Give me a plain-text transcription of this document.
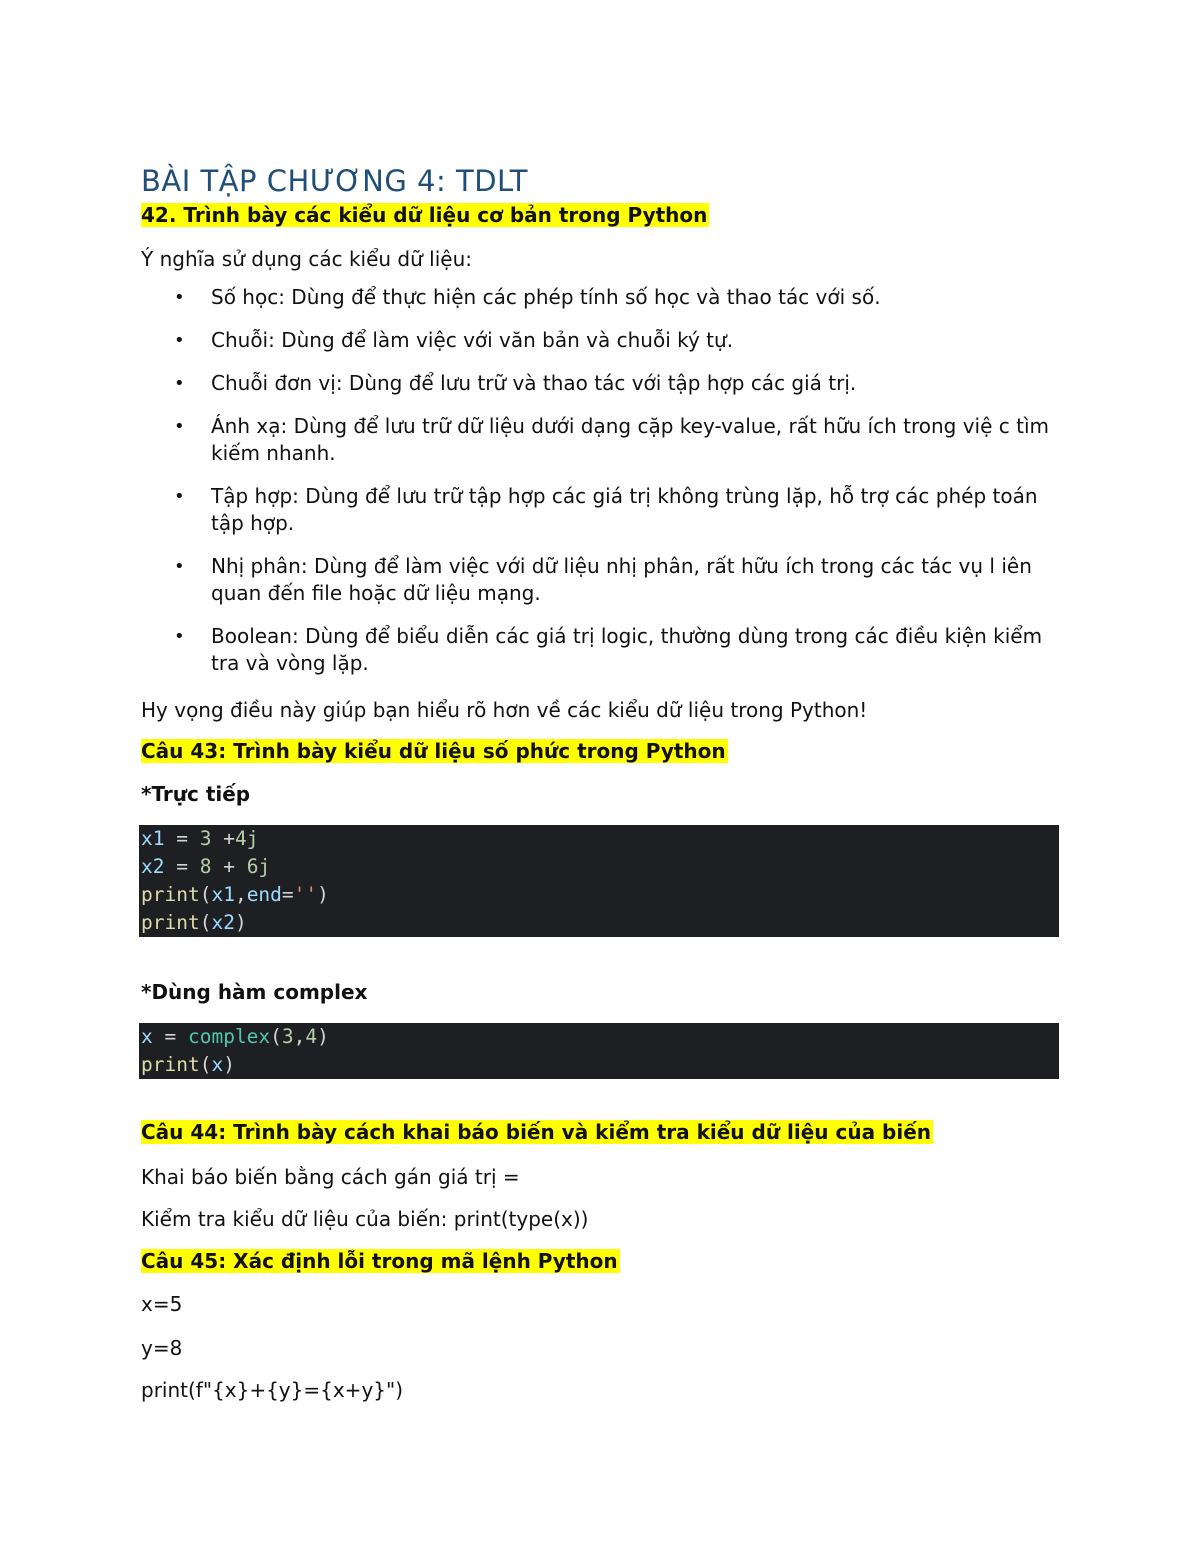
BÀI TẬP CHƯƠNG 4: TDLT
42. Trình bày các kiểu dữ liệu cơ bản trong Python
Ý nghĩa sử dụng các kiểu dữ liệu:
• Số học: Dùng để thực hiện các phép tính số học và thao tác với số.
• Chuỗi: Dùng để làm việc với văn bản và chuỗi ký tự.
• Chuỗi đơn vị: Dùng để lưu trữ và thao tác với tập hợp các giá trị.
• Ánh xạ: Dùng để lưu trữ dữ liệu dưới dạng cặp key-value, rất hữu ích trong việ c tìm kiếm nhanh.
• Tập hợp: Dùng để lưu trữ tập hợp các giá trị không trùng lặp, hỗ trợ các phép toán tập hợp.
• Nhị phân: Dùng để làm việc với dữ liệu nhị phân, rất hữu ích trong các tác vụ l iên quan đến file hoặc dữ liệu mạng.
• Boolean: Dùng để biểu diễn các giá trị logic, thường dùng trong các điều kiện kiểm tra và vòng lặp.
Hy vọng điều này giúp bạn hiểu rõ hơn về các kiểu dữ liệu trong Python!
Câu 43: Trình bày kiểu dữ liệu số phức trong Python
*Trực tiếp
x1 = 3 +4j
x2 = 8 + 6j
print(x1,end='')
print(x2)
*Dùng hàm complex
x = complex(3,4)
print(x)
Câu 44: Trình bày cách khai báo biến và kiểm tra kiểu dữ liệu của biến
Khai báo biến bằng cách gán giá trị =
Kiểm tra kiểu dữ liệu của biến: print(type(x))
Câu 45: Xác định lỗi trong mã lệnh Python
x=5
y=8
print(f"{x}+{y}={x+y}")
